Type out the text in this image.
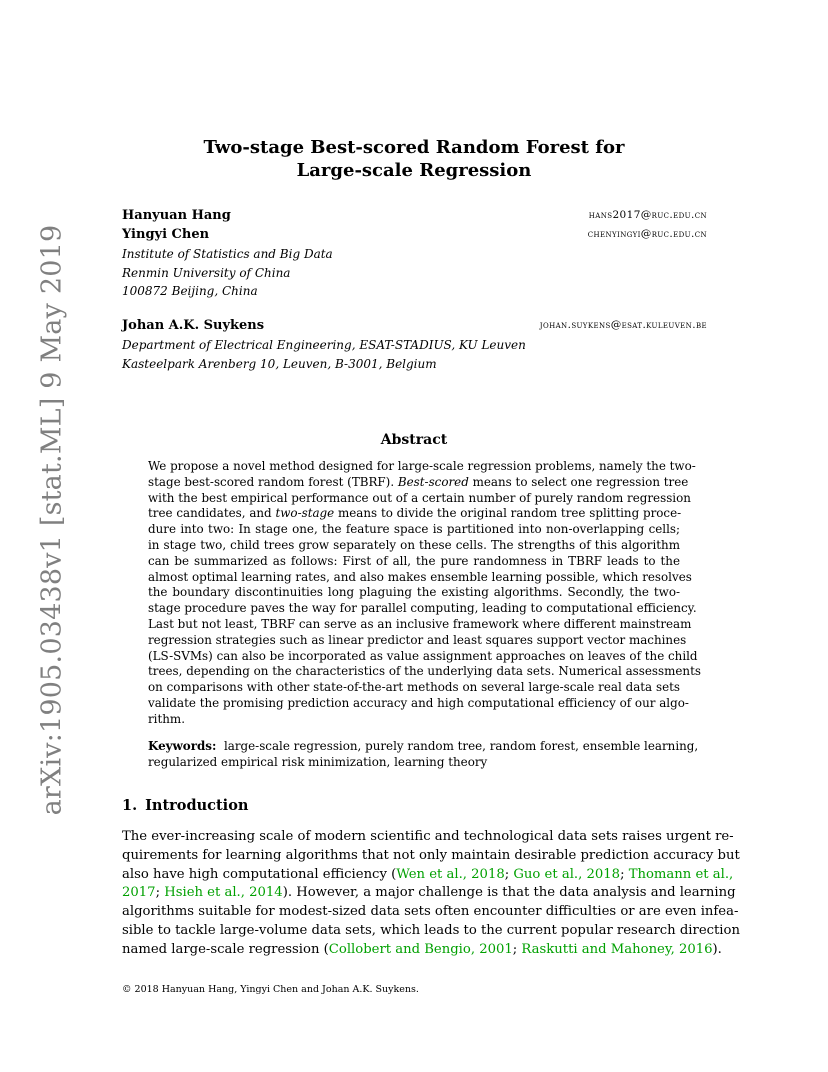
arXiv:1905.03438v1 [stat.ML] 9 May 2019
Two-stage Best-scored Random Forest for
Large-scale Regression
Hanyuan Hang	hans2017@ruc.edu.cn
Yingyi Chen	chenyingyi@ruc.edu.cn
Institute of Statistics and Big Data
Renmin University of China
100872 Beijing, China
Johan A.K. Suykens	johan.suykens@esat.kuleuven.be
Department of Electrical Engineering, ESAT-STADIUS, KU Leuven
Kasteelpark Arenberg 10, Leuven, B-3001, Belgium
Abstract
We propose a novel method designed for large-scale regression problems, namely the two-
stage best-scored random forest (TBRF). Best-scored means to select one regression tree
with the best empirical performance out of a certain number of purely random regression
tree candidates, and two-stage means to divide the original random tree splitting proce-
dure into two: In stage one, the feature space is partitioned into non-overlapping cells;
in stage two, child trees grow separately on these cells. The strengths of this algorithm
can be summarized as follows: First of all, the pure randomness in TBRF leads to the
almost optimal learning rates, and also makes ensemble learning possible, which resolves
the boundary discontinuities long plaguing the existing algorithms. Secondly, the two-
stage procedure paves the way for parallel computing, leading to computational efficiency.
Last but not least, TBRF can serve as an inclusive framework where different mainstream
regression strategies such as linear predictor and least squares support vector machines
(LS-SVMs) can also be incorporated as value assignment approaches on leaves of the child
trees, depending on the characteristics of the underlying data sets. Numerical assessments
on comparisons with other state-of-the-art methods on several large-scale real data sets
validate the promising prediction accuracy and high computational efficiency of our algo-
rithm.
Keywords: large-scale regression, purely random tree, random forest, ensemble learning,
regularized empirical risk minimization, learning theory
1. Introduction
The ever-increasing scale of modern scientific and technological data sets raises urgent re-
quirements for learning algorithms that not only maintain desirable prediction accuracy but
also have high computational efficiency (Wen et al., 2018; Guo et al., 2018; Thomann et al.,
2017; Hsieh et al., 2014). However, a major challenge is that the data analysis and learning
algorithms suitable for modest-sized data sets often encounter difficulties or are even infea-
sible to tackle large-volume data sets, which leads to the current popular research direction
named large-scale regression (Collobert and Bengio, 2001; Raskutti and Mahoney, 2016).
© 2018 Hanyuan Hang, Yingyi Chen and Johan A.K. Suykens.
